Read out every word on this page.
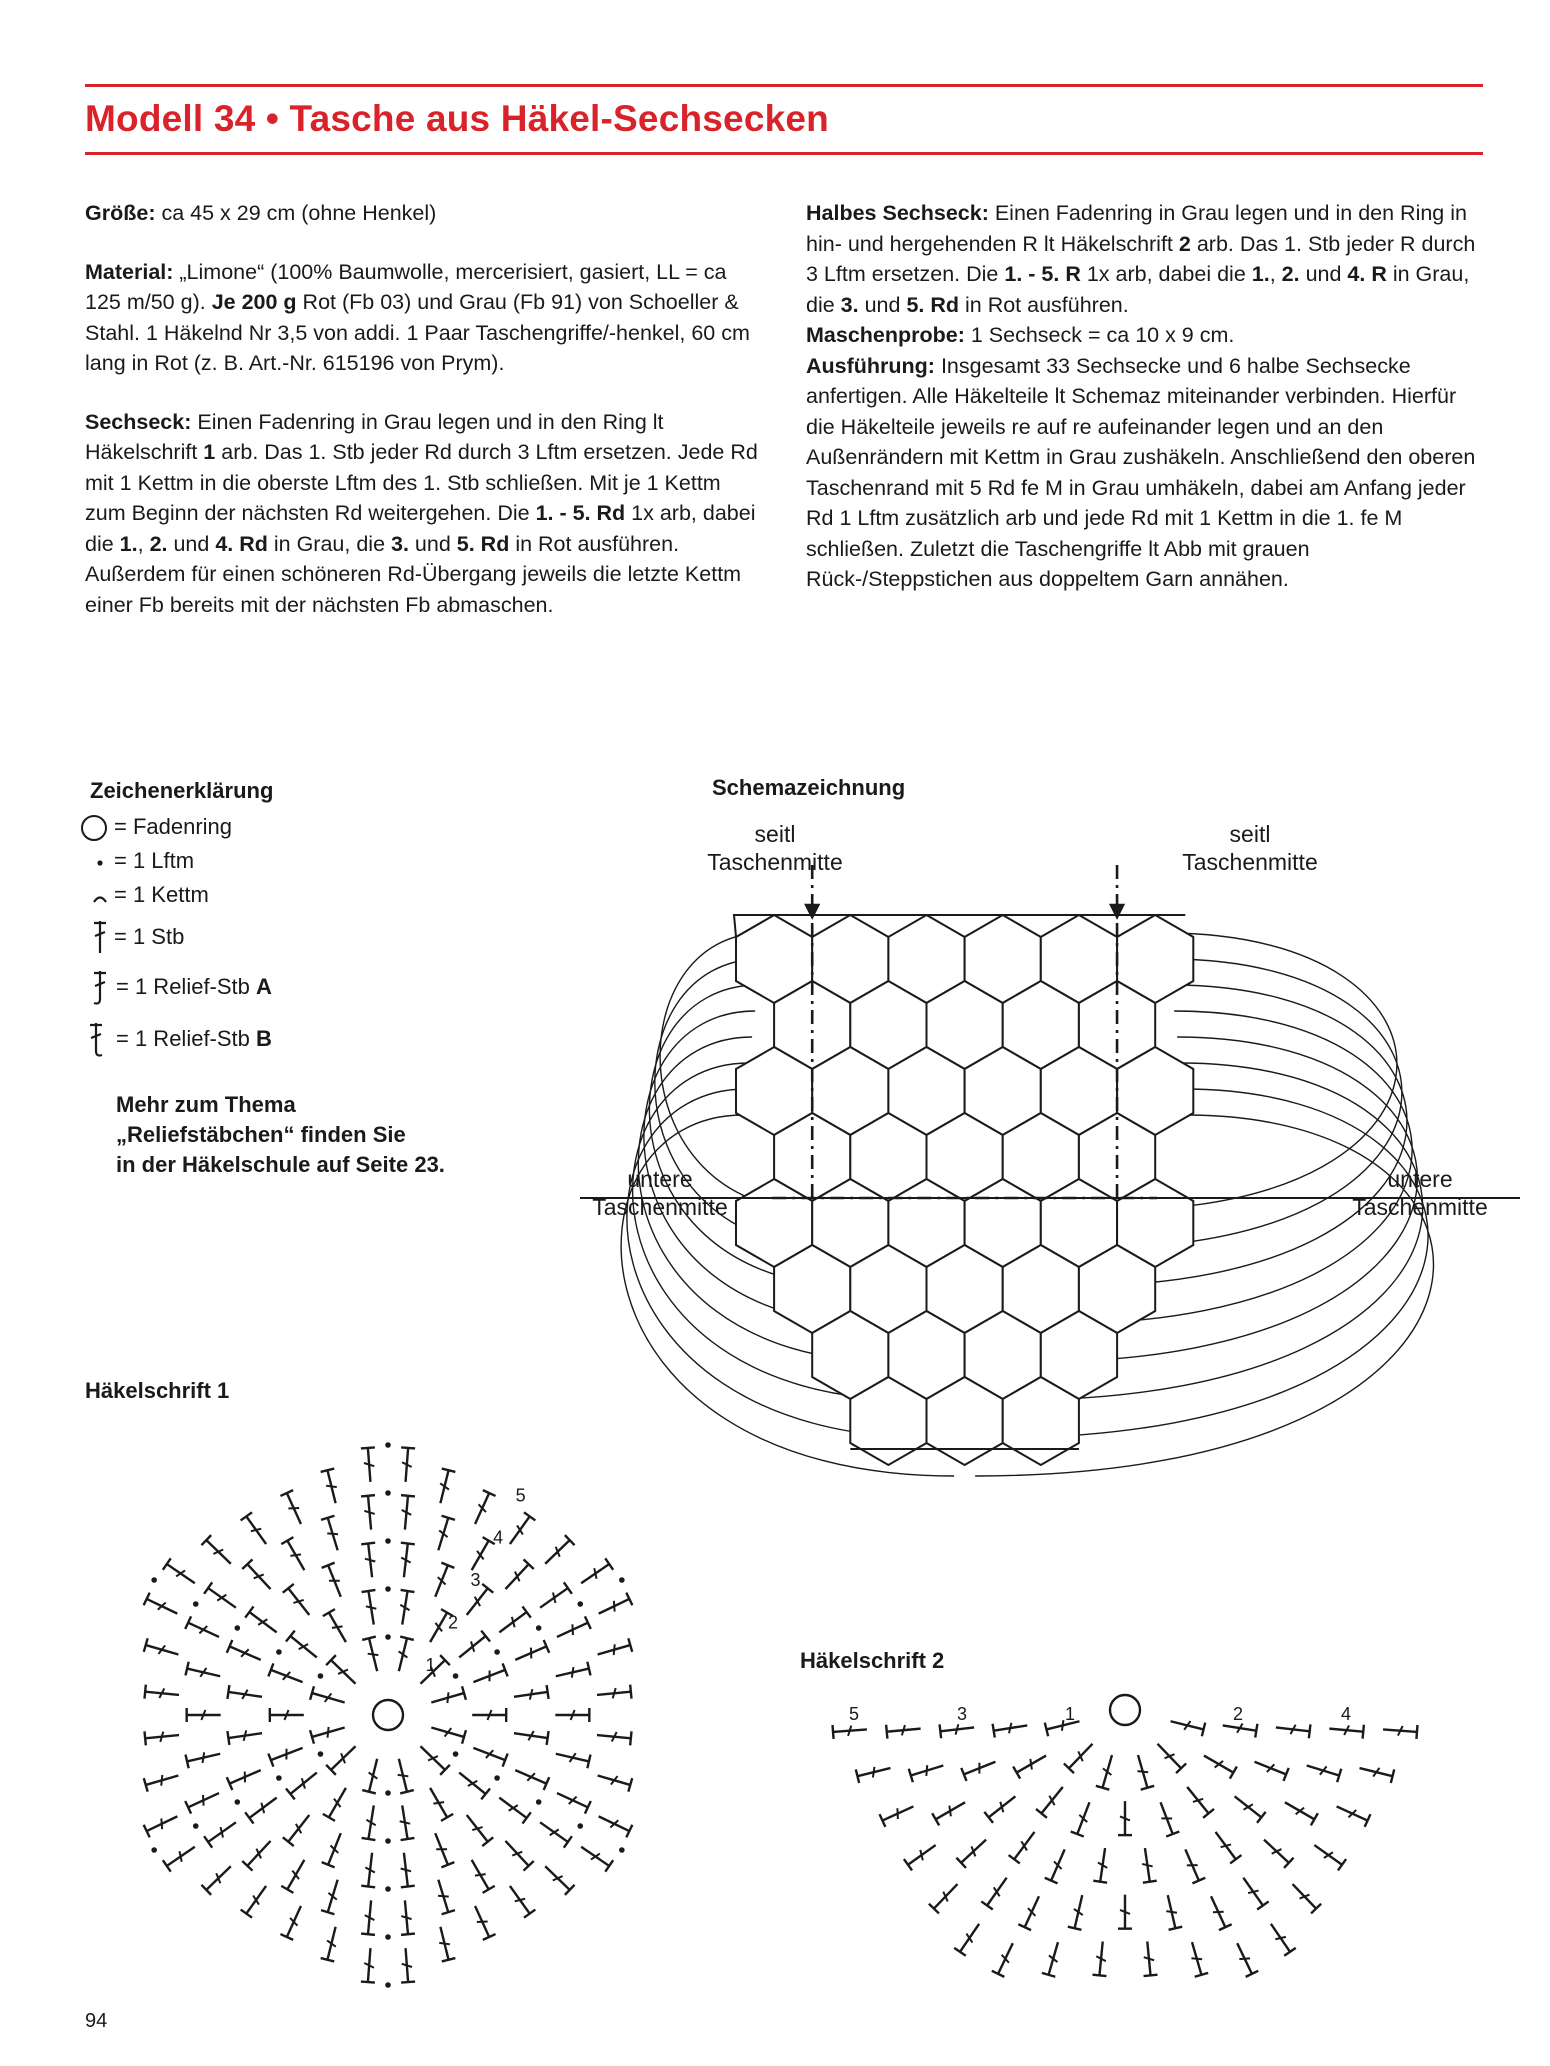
Modell 34 • Tasche aus Häkel-Sechsecken

Größe: ca 45 x 29 cm (ohne Henkel)

Material: „Limone“ (100% Baumwolle, mercerisiert, gasiert, LL = ca 125 m/50 g). Je 200 g Rot (Fb 03) und Grau (Fb 91) von Schoeller & Stahl. 1 Häkelnd Nr 3,5 von addi. 1 Paar Taschengriffe/-henkel, 60 cm lang in Rot (z. B. Art.-Nr. 615196 von Prym).

Sechseck: Einen Fadenring in Grau legen und in den Ring lt Häkelschrift 1 arb. Das 1. Stb jeder Rd durch 3 Lftm ersetzen. Jede Rd mit 1 Kettm in die oberste Lftm des 1. Stb schließen. Mit je 1 Kettm zum Beginn der nächsten Rd weitergehen. Die 1. - 5. Rd 1x arb, dabei die 1., 2. und 4. Rd in Grau, die 3. und 5. Rd in Rot ausführen. Außerdem für einen schöneren Rd-Übergang jeweils die letzte Kettm einer Fb bereits mit der nächsten Fb abmaschen.

Halbes Sechseck: Einen Fadenring in Grau legen und in den Ring in hin- und hergehenden R lt Häkelschrift 2 arb. Das 1. Stb jeder R durch 3 Lftm ersetzen. Die 1. - 5. R 1x arb, dabei die 1., 2. und 4. R in Grau, die 3. und 5. Rd in Rot ausführen.

Maschenprobe: 1 Sechseck = ca 10 x 9 cm.

Ausführung: Insgesamt 33 Sechsecke und 6 halbe Sechsecke anfertigen. Alle Häkelteile lt Schemaz miteinander verbinden. Hierfür die Häkelteile jeweils re auf re aufeinander legen und an den Außenrändern mit Kettm in Grau zushäkeln. Anschließend den oberen Taschenrand mit 5 Rd fe M in Grau umhäkeln, dabei am Anfang jeder Rd 1 Lftm zusätzlich arb und jede Rd mit 1 Kettm in die 1. fe M schließen. Zuletzt die Taschengriffe lt Abb mit grauen Rück-/Steppstichen aus doppeltem Garn annähen.

Zeichenerklärung
= Fadenring
= 1 Lftm
= 1 Kettm
= 1 Stb
= 1 Relief-Stb A
= 1 Relief-Stb B
Mehr zum Thema
„Reliefstäbchen“ finden Sie
in der Häkelschule auf Seite 23.
Schemazeichnung
seitl
Taschenmitte
seitl
Taschenmitte
untere
Taschenmitte
untere
Taschenmitte
Häkelschrift 1
1
2
3
4
5
Häkelschrift 2
1	2
3	4
5
94
